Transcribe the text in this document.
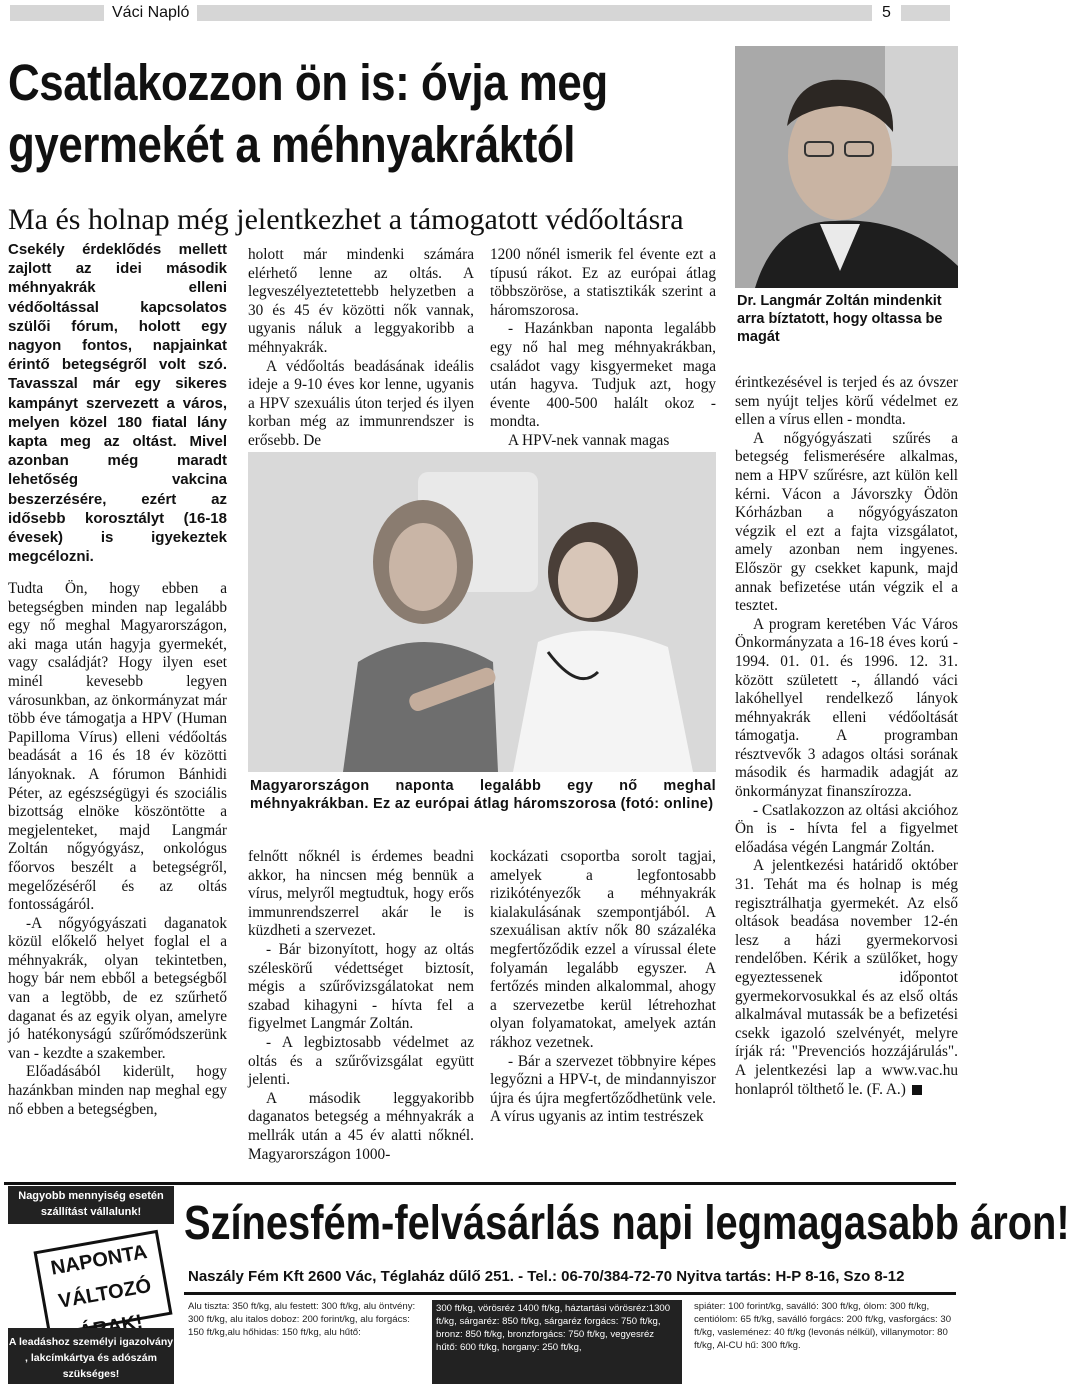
Váci Napló	5
Csatlakozzon ön is: óvja meg gyermekét a méhnyakráktól
Ma és holnap még jelentkezhet a támogatott védőoltásra
Csekély érdeklődés mellett zajlott az idei második méhnyakrák elleni védőoltással kapcsolatos szülői fórum, holott egy nagyon fontos, napjainkat érintő betegségről volt szó. Tavasszal már egy sikeres kampányt szervezett a város, melyen közel 180 fiatal lány kapta meg az oltást. Mivel azonban még maradt lehetőség vakcina beszerzésére, ezért az idősebb korosztályt (16-18 évesek) is igyekeztek megcélozni.

Tudta Ön, hogy ebben a betegségben minden nap legalább egy nő meghal Magyarországon, aki maga után hagyja gyermekét, vagy családját? Hogy ilyen eset minél kevesebb legyen városunkban, az önkormányzat már több éve támogatja a HPV (Human Papilloma Vírus) elleni védőoltás beadását a 16 és 18 év közötti lányoknak. A fórumon Bánhidi Péter, az egészségügyi és szociális bizottság elnöke köszöntötte a megjelenteket, majd Langmár Zoltán nőgyógyász, onkológus főorvos beszélt a betegségről, megelőzéséről és az oltás fontosságáról.

-A nőgyógyászati daganatok közül előkelő helyet foglal el a méhnyakrák, olyan tekintetben, hogy bár nem ebből a betegségből van a legtöbb, de ez szűrhető daganat és az egyik olyan, amelyre jó hatékonyságú szűrőmódszerünk van - kezdte a szakember.

Előadásából kiderült, hogy hazánkban minden nap meghal egy nő ebben a betegségben,

holott már mindenki számára elérhető lenne az oltás. A legveszélyeztetettebb helyzetben a 30 és 45 év közötti nők vannak, ugyanis náluk a leggyakoribb a méhnyakrák.

A védőoltás beadásának ideális ideje a 9-10 éves kor lenne, ugyanis a HPV szexuális úton terjed és ilyen korban még az immunrendszer is erősebb. De

1200 nőnél ismerik fel évente ezt a típusú rákot. Ez az európai átlag többszöröse, a statisztikák szerint a háromszorosa.

- Hazánkban naponta legalább egy nő hal meg méhnyakrákban, családot vagy kisgyermeket maga után hagyva. Tudjuk azt, hogy évente 400-500 halált okoz - mondta.

A HPV-nek vannak magas

Magyarországon naponta legalább egy nő meghal méhnyakrákban. Ez az európai átlag háromszorosa (fotó: online)

felnőtt nőknél is érdemes beadni akkor, ha nincsen még bennük a vírus, melyről megtudtuk, hogy erős immunrendszerrel akár le is küzdheti a szervezet.

- Bár bizonyított, hogy az oltás széleskörű védettséget biztosít, mégis a szűrővizsgálatokat nem szabad kihagyni - hívta fel a figyelmet Langmár Zoltán.

- A legbiztosabb védelmet az oltás és a szűrővizsgálat együtt jelenti.

A második leggyakoribb daganatos betegség a méhnyakrák a mellrák után a 45 év alatti nőknél. Magyarországon 1000-

kockázati csoportba sorolt tagjai, amelyek a legfontosabb rizikótényezők a méhnyakrák kialakulásának szempontjából. A szexuálisan aktív nők 80 százaléka megfertőződik ezzel a vírussal élete folyamán legalább egyszer. A fertőzés minden alkalommal, ahogy a szervezetbe kerül létrehozhat olyan folyamatokat, amelyek aztán rákhoz vezetnek.

- Bár a szervezet többnyire képes legyőzni a HPV-t, de mindannyiszor újra és újra megfertőződhetünk vele. A vírus ugyanis az intim testrészek

Dr. Langmár Zoltán mindenkit arra bíztatott, hogy oltassa be magát

érintkezésével is terjed és az óvszer sem nyújt teljes körű védelmet ez ellen a vírus ellen - mondta.

A nőgyógyászati szűrés a betegség felismerésére alkalmas, nem a HPV szűrésre, azt külön kell kérni. Vácon a Jávorszky Ödön Kórházban a nőgyógyászaton végzik el ezt a fajta vizsgálatot, amely azonban nem ingyenes. Először gy csekket kapunk, majd annak befizetése után végzik el a tesztet.

A program keretében Vác Város Önkormányzata a 16-18 éves korú - 1994. 01. 01. és 1996. 12. 31. között született -, állandó váci lakóhellyel rendelkező lányok méhnyakrák elleni védőoltását támogatja. A programban résztvevők 3 adagos oltási sorának második és harmadik adagját az önkormányzat finanszírozza.

- Csatlakozzon az oltási akcióhoz Ön is - hívta fel a figyelmet előadása végén Langmár Zoltán.

A jelentkezési határidő október 31. Tehát ma és holnap is még regisztrálhatja gyermekét. Az első oltások beadása november 12-én lesz a házi gyermekorvosi rendelőben. Kérik a szülőket, hogy egyeztessenek időpontot gyermekorvosukkal és az első oltás alkalmával mutassák be a befizetési csekk igazoló szelvényét, melyre írják rá: "Prevenciós hozzájárulás". A jelentkezési lap a www.vac.hu honlapról tölthető le. (F. A.)

Nagyobb mennyiség esetén szállítást vállalunk!
NAPONTA VÁLTOZÓ
Színesfém-felvásárlás napi legmagasabb áron!
Naszály Fém Kft 2600 Vác, Téglaház dűlő 251. - Tel.: 06-70/384-72-70 Nyitva tartás: H-P 8-16, Szo 8-12
A leadáshoz személyi igazolvány , lakcímkártya és adószám szükséges!
Alu tiszta: 350 ft/kg, alu festett: 300 ft/kg, alu öntvény: 300 ft/kg, alu italos doboz: 200 forint/kg, alu forgács: 150 ft/kg,alu hőhidas: 150 ft/kg, alu hűtő:
300 ft/kg, vörösréz 1400 ft/kg, háztartási vörösréz:1300 ft/kg, sárgaréz: 850 ft/kg, sárgaréz forgács: 750 ft/kg, bronz: 850 ft/kg, bronzforgács: 750 ft/kg, vegyesréz hűtő: 600 ft/kg, horgany: 250 ft/kg,
spiáter: 100 forint/kg, saválló: 300 ft/kg, ólom: 300 ft/kg, centiólom: 65 ft/kg, saválló forgács: 200 ft/kg, vasforgács: 30 ft/kg, vasleménez: 40 ft/kg (levonás nélkül), villanymotor: 80 ft/kg, Al-CU hű: 300 ft/kg.
